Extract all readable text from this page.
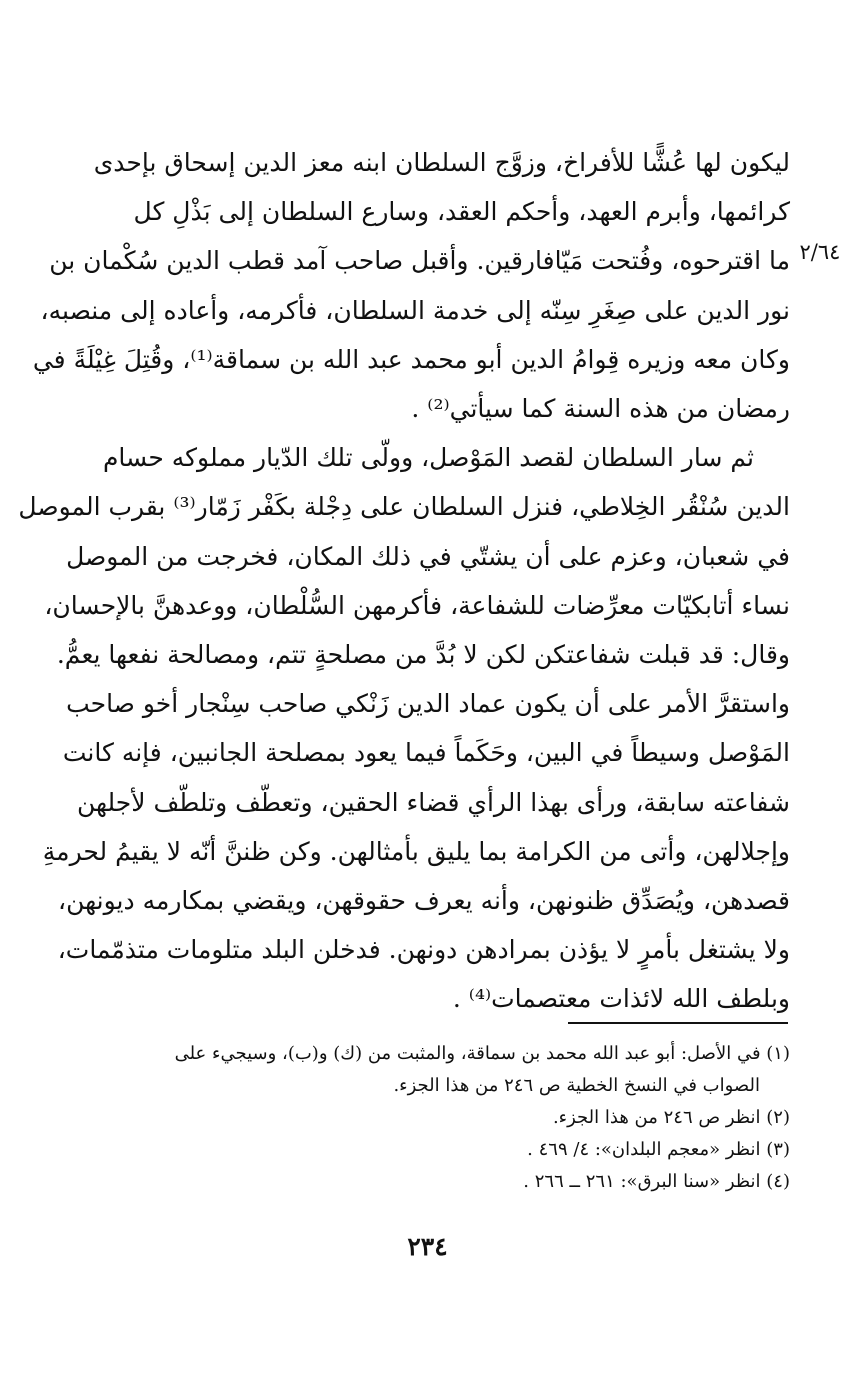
٢/٦٤

ليكون لها عُشًّا للأفراخ، وزوَّج السلطان ابنه معز الدين إسحاق بإحدى
كرائمها، وأبرم العهد، وأحكم العقد، وسارع السلطان إلى بَذْلِ كل
ما اقترحوه، وفُتحت مَيّافارقين. وأقبل صاحب آمد قطب الدين سُكْمان بن
نور الدين على صِغَرِ سِنّه إلى خدمة السلطان، فأكرمه، وأعاده إلى منصبه،
وكان معه وزيره قِوامُ الدين أبو محمد عبد الله بن سماقة⁽¹⁾، وقُتِلَ غِيْلَةً في
رمضان من هذه السنة كما سيأتي⁽²⁾ .

ثم سار السلطان لقصد المَوْصل، وولّى تلك الدّيار مملوكه حسام
الدين سُنْقُر الخِلاطي، فنزل السلطان على دِجْلة بكَفْر زَمّار⁽³⁾ بقرب الموصل
في شعبان، وعزم على أن يشتّي في ذلك المكان، فخرجت من الموصل
نساء أتابكيّات معرِّضات للشفاعة، فأكرمهن السُّلْطان، ووعدهنَّ بالإحسان،
وقال: قد قبلت شفاعتكن لكن لا بُدَّ من مصلحةٍ تتم، ومصالحة نفعها يعمُّ.
واستقرَّ الأمر على أن يكون عماد الدين زَنْكي صاحب سِنْجار أخو صاحب
المَوْصل وسيطاً في البين، وحَكَماً فيما يعود بمصلحة الجانبين، فإنه كانت
شفاعته سابقة، ورأى بهذا الرأي قضاء الحقين، وتعطّف وتلطّف لأجلهن
وإجلالهن، وأتى من الكرامة بما يليق بأمثالهن. وكن ظننَّ أنّه لا يقيمُ لحرمةِ
قصدهن، ويُصَدِّق ظنونهن، وأنه يعرف حقوقهن، ويقضي بمكارمه ديونهن،
ولا يشتغل بأمرٍ لا يؤذن بمرادهن دونهن. فدخلن البلد متلومات متذمّمات،
وبلطف الله لائذات معتصمات⁽⁴⁾ .

(١) في الأصل: أبو عبد الله محمد بن سماقة، والمثبت من (ك) و(ب)، وسيجيء على
الصواب في النسخ الخطية ص ٢٤٦ من هذا الجزء.
(٢) انظر ص ٢٤٦ من هذا الجزء.
(٣) انظر «معجم البلدان»: ٤/ ٤٦٩ .
(٤) انظر «سنا البرق»: ٢٦١ ــ ٢٦٦ .
٢٣٤
